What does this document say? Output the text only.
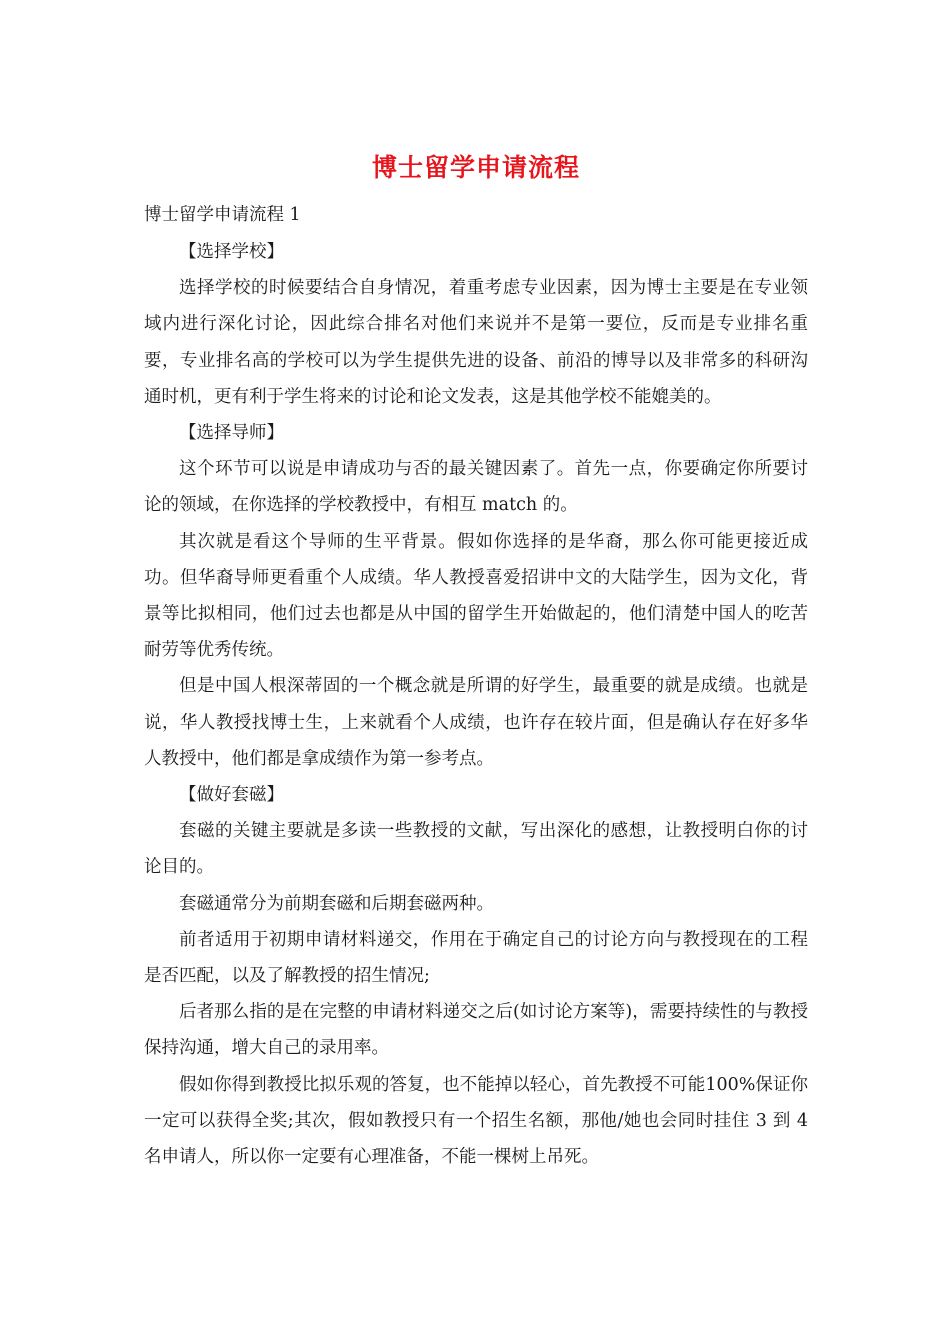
博士留学申请流程

博士留学申请流程 1

【选择学校】

选择学校的时候要结合自身情况，着重考虑专业因素，因为博士主要是在专业领域内进行深化讨论，因此综合排名对他们来说并不是第一要位，反而是专业排名重要，专业排名高的学校可以为学生提供先进的设备、前沿的博导以及非常多的科研沟通时机，更有利于学生将来的讨论和论文发表，这是其他学校不能媲美的。

【选择导师】

这个环节可以说是申请成功与否的最关键因素了。首先一点，你要确定你所要讨论的领域，在你选择的学校教授中，有相互 match 的。

其次就是看这个导师的生平背景。假如你选择的是华裔，那么你可能更接近成功。但华裔导师更看重个人成绩。华人教授喜爱招讲中文的大陆学生，因为文化，背景等比拟相同，他们过去也都是从中国的留学生开始做起的，他们清楚中国人的吃苦耐劳等优秀传统。

但是中国人根深蒂固的一个概念就是所谓的好学生，最重要的就是成绩。也就是说，华人教授找博士生，上来就看个人成绩，也许存在较片面，但是确认存在好多华人教授中，他们都是拿成绩作为第一参考点。

【做好套磁】

套磁的关键主要就是多读一些教授的文献，写出深化的感想，让教授明白你的讨论目的。

套磁通常分为前期套磁和后期套磁两种。

前者适用于初期申请材料递交，作用在于确定自己的讨论方向与教授现在的工程是否匹配，以及了解教授的招生情况;

后者那么指的是在完整的申请材料递交之后(如讨论方案等)，需要持续性的与教授保持沟通，增大自己的录用率。

假如你得到教授比拟乐观的答复，也不能掉以轻心，首先教授不可能100%保证你一定可以获得全奖;其次，假如教授只有一个招生名额，那他/她也会同时挂住 3 到 4 名申请人，所以你一定要有心理准备，不能一棵树上吊死。
